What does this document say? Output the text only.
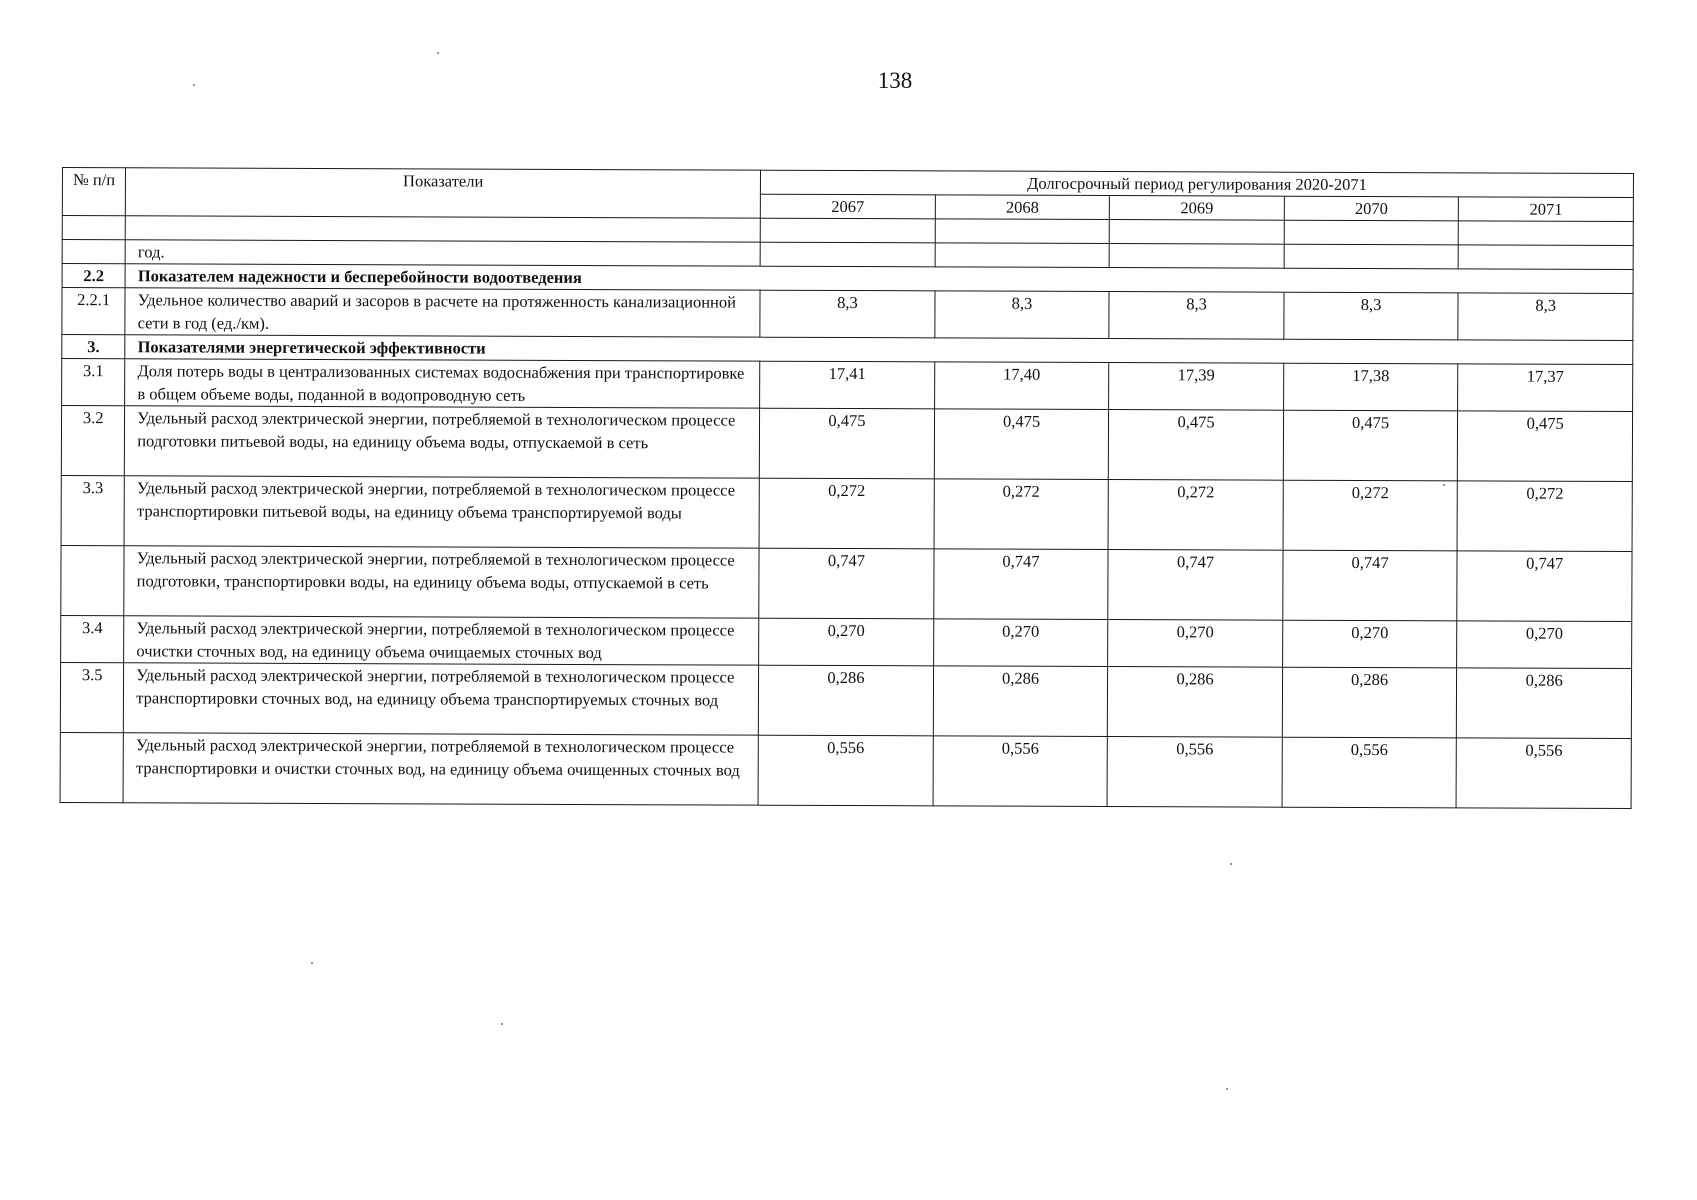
138
№ п/п	Показатели	Долгосрочный период регулирования 2020-2071				
		2067	2068	2069	2070	2071

	год.					
2.2	Показателем надежности и бесперебойности водоотведения					
2.2.1	Удельное количество аварий и засоров в расчете на протяженность канализационной сети в год (ед./км).	8,3	8,3	8,3	8,3	8,3
3.	Показателями энергетической эффективности					
3.1	Доля потерь воды в централизованных системах водоснабжения при транспортировке в общем объеме воды, поданной в водопроводную сеть	17,41	17,40	17,39	17,38	17,37
3.2	Удельный расход электрической энергии, потребляемой в технологическом процессе подготовки питьевой воды, на единицу объема воды, отпускаемой в сеть	0,475	0,475	0,475	0,475	0,475
3.3	Удельный расход электрической энергии, потребляемой в технологическом процессе транспортировки питьевой воды, на единицу объема транспортируемой воды	0,272	0,272	0,272	0,272	0,272
	Удельный расход электрической энергии, потребляемой в технологическом процессе подготовки, транспортировки воды, на единицу объема воды, отпускаемой в сеть	0,747	0,747	0,747	0,747	0,747
3.4	Удельный расход электрической энергии, потребляемой в технологическом процессе очистки сточных вод, на единицу объема очищаемых сточных вод	0,270	0,270	0,270	0,270	0,270
3.5	Удельный расход электрической энергии, потребляемой в технологическом процессе транспортировки сточных вод, на единицу объема транспортируемых сточных вод	0,286	0,286	0,286	0,286	0,286
	Удельный расход электрической энергии, потребляемой в технологическом процессе транспортировки и очистки сточных вод, на единицу объема очищенных сточных вод	0,556	0,556	0,556	0,556	0,556
